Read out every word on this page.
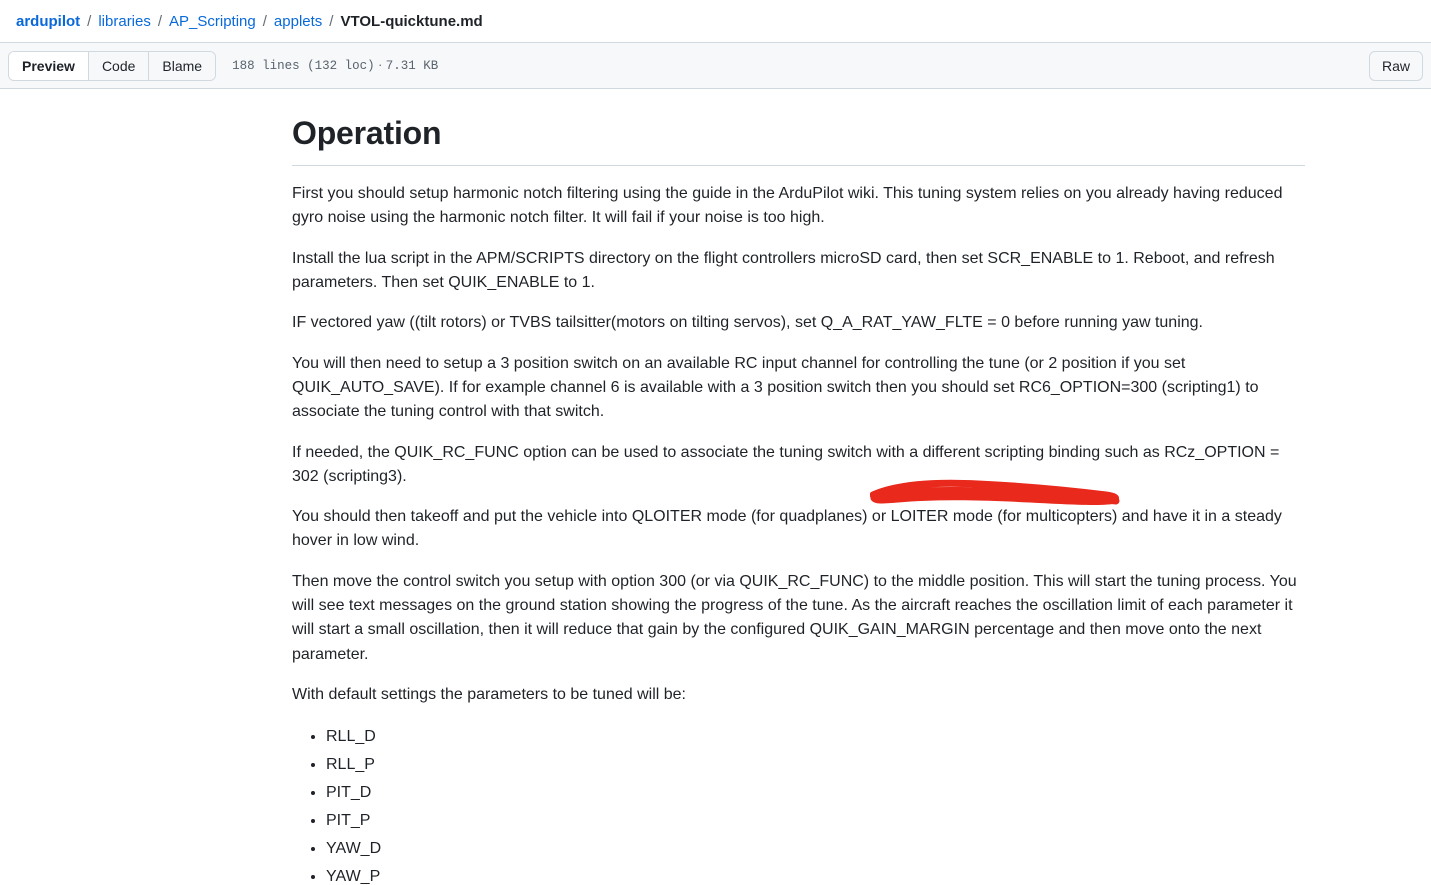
ardupilot / libraries / AP_Scripting / applets / VTOL-quicktune.md
Preview	Code	Blame	188 lines (132 loc) · 7.31 KB	Raw
Operation

First you should setup harmonic notch filtering using the guide in the ArduPilot wiki. This tuning system relies on you already having reduced gyro noise using the harmonic notch filter. It will fail if your noise is too high.

Install the lua script in the APM/SCRIPTS directory on the flight controllers microSD card, then set SCR_ENABLE to 1. Reboot, and refresh parameters. Then set QUIK_ENABLE to 1.

IF vectored yaw ((tilt rotors) or TVBS tailsitter(motors on tilting servos), set Q_A_RAT_YAW_FLTE = 0 before running yaw tuning.

You will then need to setup a 3 position switch on an available RC input channel for controlling the tune (or 2 position if you set QUIK_AUTO_SAVE). If for example channel 6 is available with a 3 position switch then you should set RC6_OPTION=300 (scripting1) to associate the tuning control with that switch.

If needed, the QUIK_RC_FUNC option can be used to associate the tuning switch with a different scripting binding such as RCz_OPTION = 302 (scripting3).

You should then takeoff and put the vehicle into QLOITER mode (for quadplanes) or LOITER mode (for multicopters) and have it in a steady hover in low wind.

Then move the control switch you setup with option 300 (or via QUIK_RC_FUNC) to the middle position. This will start the tuning process. You will see text messages on the ground station showing the progress of the tune. As the aircraft reaches the oscillation limit of each parameter it will start a small oscillation, then it will reduce that gain by the configured QUIK_GAIN_MARGIN percentage and then move onto the next parameter.

With default settings the parameters to be tuned will be:

• RLL_D
• RLL_P
• PIT_D
• PIT_P
• YAW_D
• YAW_P
